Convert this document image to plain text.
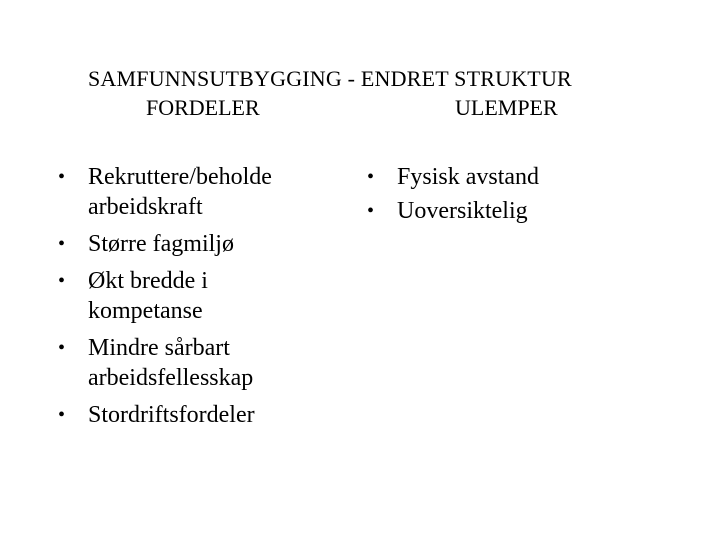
SAMFUNNSUTBYGGING - ENDRET STRUKTUR
FORDELER	ULEMPER
• Rekruttere/beholde
arbeidskraft
• Større fagmiljø
• Økt bredde i
kompetanse
• Mindre sårbart
arbeidsfellesskap
• Stordriftsfordeler
• Fysisk avstand
• Uoversiktelig
